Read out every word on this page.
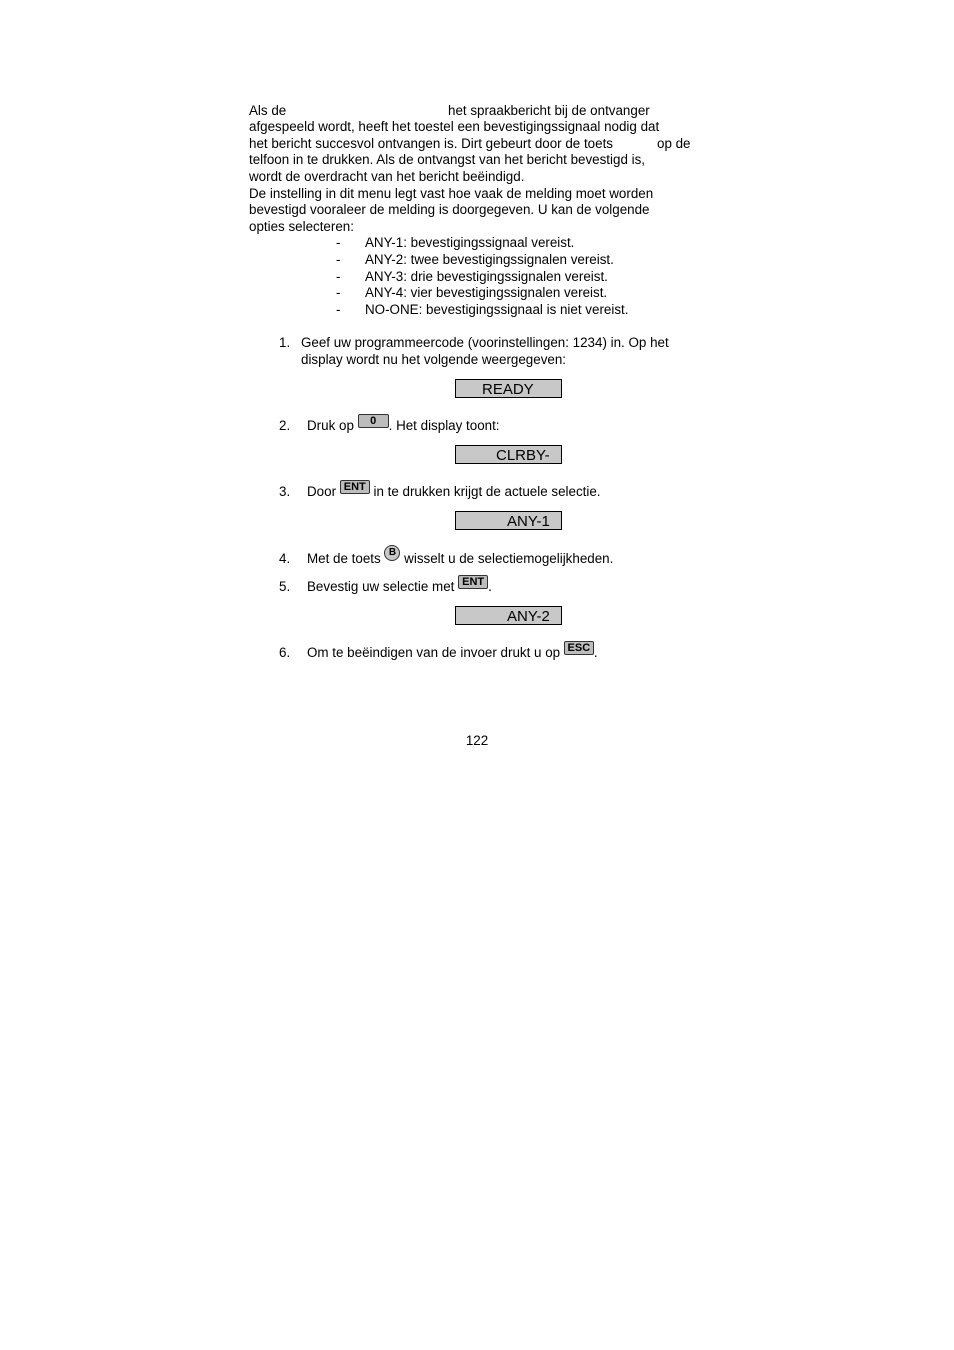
Als de	het spraakbericht bij de ontvanger
afgespeeld wordt, heeft het toestel een bevestigingssignaal nodig dat
het bericht succesvol ontvangen is. Dirt gebeurt door de toets	op de
telfoon in te drukken. Als de ontvangst van het bericht bevestigd is,
wordt de overdracht van het bericht beëindigd.
De instelling in dit menu legt vast hoe vaak de melding moet worden
bevestigd vooraleer de melding is doorgegeven. U kan de volgende
opties selecteren:
- ANY-1: bevestigingssignaal vereist.
- ANY-2: twee bevestigingssignalen vereist.
- ANY-3: drie bevestigingssignalen vereist.
- ANY-4: vier bevestigingssignalen vereist.
- NO-ONE: bevestigingssignaal is niet vereist.
1. Geef uw programmeercode (voorinstellingen: 1234) in. Op het
display wordt nu het volgende weergegeven:
READY
2. Druk op 0 . Het display toont:
CLRBY-
3. Door ENT in te drukken krijgt de actuele selectie.
ANY-1
4. Met de toets B wisselt u de selectiemogelijkheden.
5. Bevestig uw selectie met ENT .
ANY-2
6. Om te beëindigen van de invoer drukt u op ESC .
122
